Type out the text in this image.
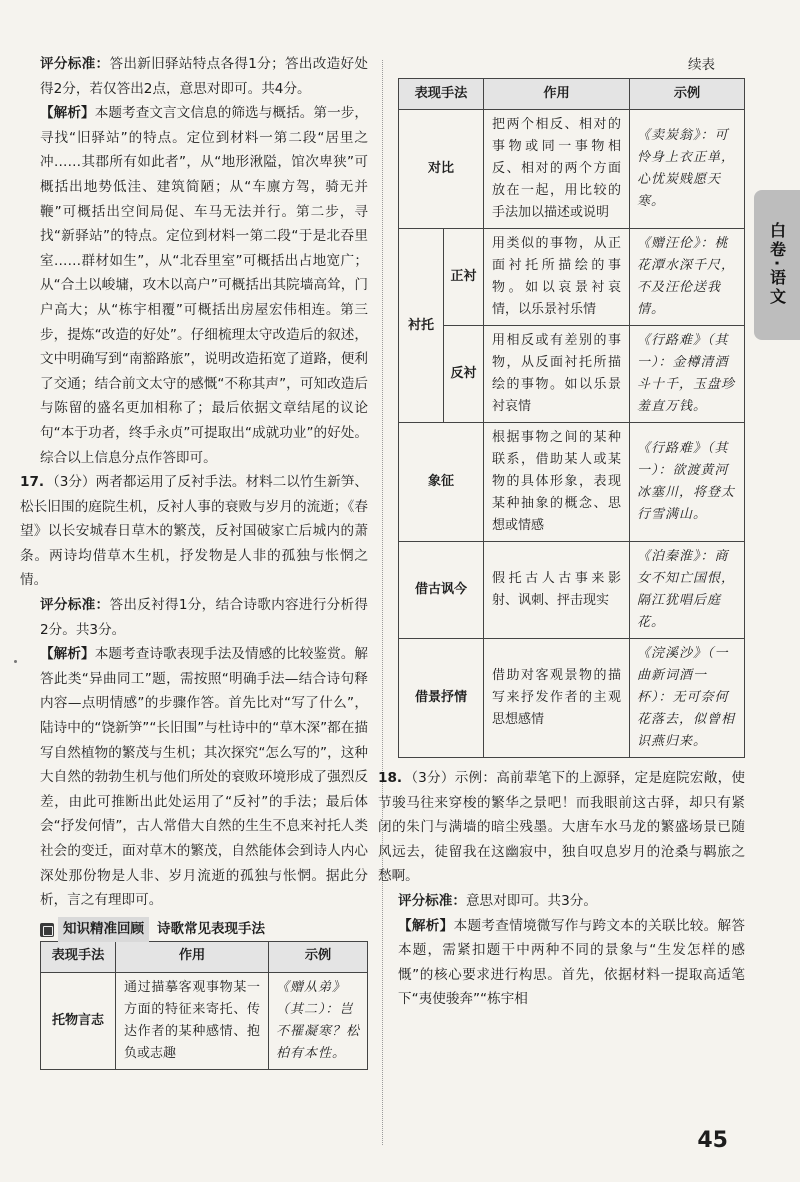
评分标准：答出新旧驿站特点各得1分；答出改造好处得2分，若仅答出2点，意思对即可。共4分。

【解析】本题考查文言文信息的筛选与概括。第一步，寻找“旧驿站”的特点。定位到材料一第二段“居里之冲……其郡所有如此者”，从“地形湫隘，馆次卑狭”可概括出地势低洼、建筑简陋；从“车廪方驾，骑无并鞭”可概括出空间局促、车马无法并行。第二步，寻找“新驿站”的特点。定位到材料一第二段“于是北吞里室……群材如生”，从“北吞里室”可概括出占地宽广；从“合土以峻墉，攻木以高户”可概括出其院墙高耸，门户高大；从“栋宇相覆”可概括出房屋宏伟相连。第三步，提炼“改造的好处”。仔细梳理太守改造后的叙述，文中明确写到“南豁路旅”，说明改造拓宽了道路，便利了交通；结合前文太守的感慨“不称其声”，可知改造后与陈留的盛名更加相称了；最后依据文章结尾的议论句“本于功者，终手永贞”可提取出“成就功业”的好处。综合以上信息分点作答即可。

17. （3分）两者都运用了反衬手法。材料二以竹生新笋、松长旧围的庭院生机，反衬人事的衰败与岁月的流逝；《春望》以长安城春日草木的繁茂，反衬国破家亡后城内的萧条。两诗均借草木生机，抒发物是人非的孤独与怅惘之情。

评分标准：答出反衬得1分，结合诗歌内容进行分析得2分。共3分。

【解析】本题考查诗歌表现手法及情感的比较鉴赏。解答此类“异曲同工”题，需按照“明确手法—结合诗句释内容—点明情感”的步骤作答。首先比对“写了什么”，陆诗中的“饶新笋”“长旧围”与杜诗中的“草木深”都在描写自然植物的繁茂与生机；其次探究“怎么写的”，这种大自然的勃勃生机与他们所处的衰败环境形成了强烈反差，由此可推断出此处运用了“反衬”的手法；最后体会“抒发何情”，古人常借大自然的生生不息来衬托人类社会的变迁，面对草木的繁茂，自然能体会到诗人内心深处那份物是人非、岁月流逝的孤独与怅惘。据此分析，言之有理即可。

知识精准回顾 诗歌常见表现手法
表现手法	作用	示例
托物言志	通过描摹客观事物某一方面的特征来寄托、传达作者的某种感情、抱负或志趣	《赠从弟》（其二）：岂不罹凝寒？松柏有本性。
续表
表现手法		作用	示例
对比		把两个相反、相对的事物或同一事物相反、相对的两个方面放在一起，用比较的手法加以描述或说明	《卖炭翁》：可怜身上衣正单，心忧炭贱愿天寒。
衬托	正衬	用类似的事物，从正面衬托所描绘的事物。如以哀景衬哀情，以乐景衬乐情	《赠汪伦》：桃花潭水深千尺，不及汪伦送我情。
	反衬	用相反或有差别的事物，从反面衬托所描绘的事物。如以乐景衬哀情	《行路难》（其一）：金樽清酒斗十千，玉盘珍羞直万钱。
象征		根据事物之间的某种联系，借助某人或某物的具体形象，表现某种抽象的概念、思想或情感	《行路难》（其一）：欲渡黄河冰塞川，将登太行雪满山。
借古讽今		假托古人古事来影射、讽刺、抨击现实	《泊秦淮》：商女不知亡国恨，隔江犹唱后庭花。
借景抒情		借助对客观景物的描写来抒发作者的主观思想感情	《浣溪沙》（一曲新词酒一杯）：无可奈何花落去，似曾相识燕归来。

18. （3分）示例：高前辈笔下的上源驿，定是庭院宏敞，使节骏马往来穿梭的繁华之景吧！而我眼前这古驿，却只有紧闭的朱门与满墙的暗尘残墨。大唐车水马龙的繁盛场景已随风远去，徒留我在这幽寂中，独自叹息岁月的沧桑与羁旅之愁啊。

评分标准：意思对即可。共3分。

【解析】本题考查情境微写作与跨文本的关联比较。解答本题，需紧扣题干中两种不同的景象与“生发怎样的感慨”的核心要求进行构思。首先，依据材料一提取高适笔下“夷使骏奔”“栋宇相

白卷·语文
45
